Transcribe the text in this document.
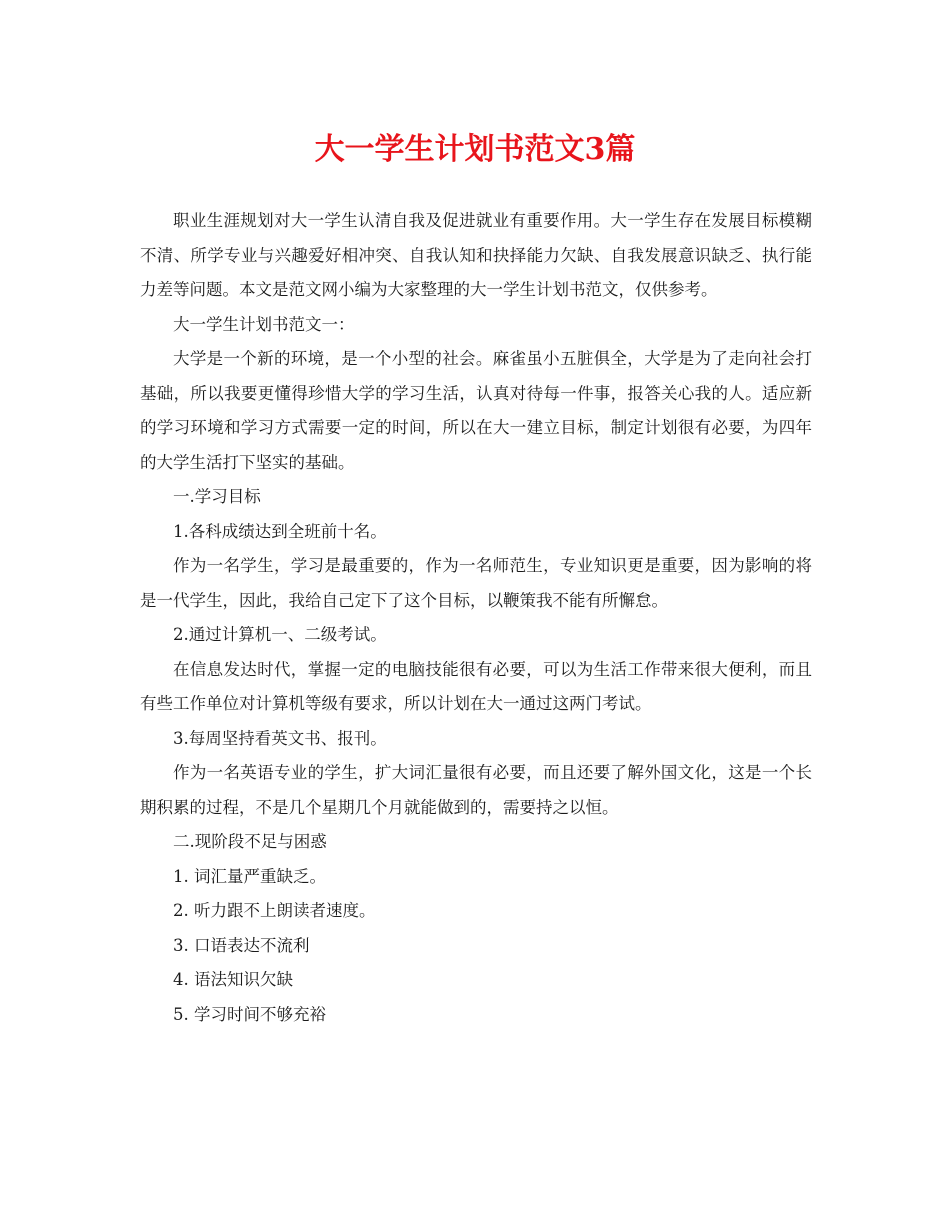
大一学生计划书范文3篇

职业生涯规划对大一学生认清自我及促进就业有重要作用。大一学生存在发展目标模糊不清、所学专业与兴趣爱好相冲突、自我认知和抉择能力欠缺、自我发展意识缺乏、执行能力差等问题。本文是范文网小编为大家整理的大一学生计划书范文，仅供参考。

大一学生计划书范文一：

大学是一个新的环境，是一个小型的社会。麻雀虽小五脏俱全，大学是为了走向社会打基础，所以我要更懂得珍惜大学的学习生活，认真对待每一件事，报答关心我的人。适应新的学习环境和学习方式需要一定的时间，所以在大一建立目标，制定计划很有必要，为四年的大学生活打下坚实的基础。

一.学习目标

1.各科成绩达到全班前十名。

作为一名学生，学习是最重要的，作为一名师范生，专业知识更是重要，因为影响的将是一代学生，因此，我给自己定下了这个目标，以鞭策我不能有所懈怠。

2.通过计算机一、二级考试。

在信息发达时代，掌握一定的电脑技能很有必要，可以为生活工作带来很大便利，而且有些工作单位对计算机等级有要求，所以计划在大一通过这两门考试。

3.每周坚持看英文书、报刊。

作为一名英语专业的学生，扩大词汇量很有必要，而且还要了解外国文化，这是一个长期积累的过程，不是几个星期几个月就能做到的，需要持之以恒。

二.现阶段不足与困惑

1. 词汇量严重缺乏。

2. 听力跟不上朗读者速度。

3. 口语表达不流利

4. 语法知识欠缺

5. 学习时间不够充裕
